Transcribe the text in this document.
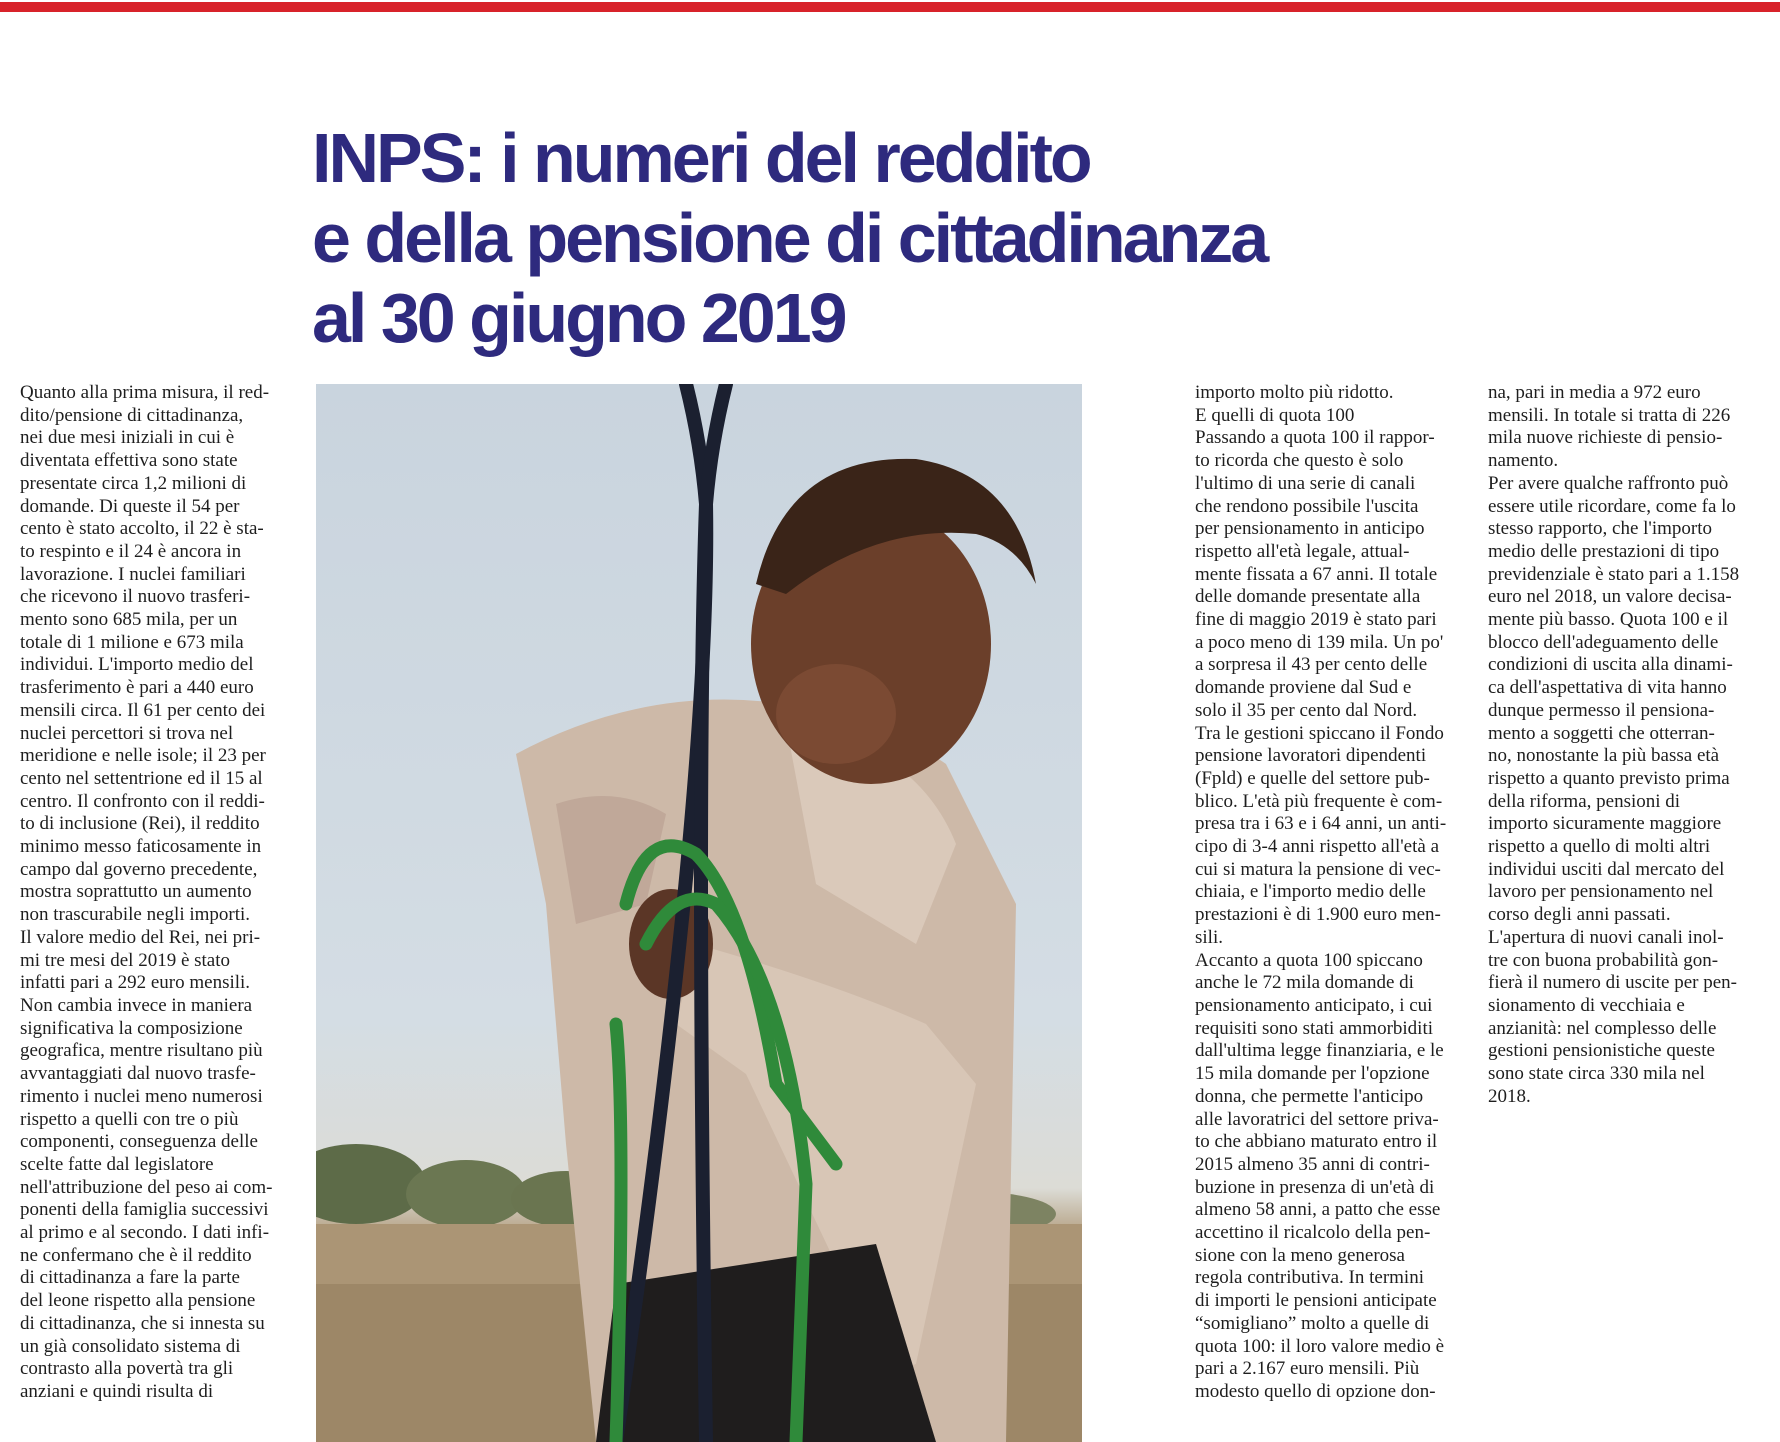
INPS: i numeri del reddito
e della pensione di cittadinanza
al 30 giugno 2019
Quanto alla prima misura, il red-
dito/pensione di cittadinanza,
nei due mesi iniziali in cui è
diventata effettiva sono state
presentate circa 1,2 milioni di
domande. Di queste il 54 per
cento è stato accolto, il 22 è sta-
to respinto e il 24 è ancora in
lavorazione. I nuclei familiari
che ricevono il nuovo trasferi-
mento sono 685 mila, per un
totale di 1 milione e 673 mila
individui. L'importo medio del
trasferimento è pari a 440 euro
mensili circa. Il 61 per cento dei
nuclei percettori si trova nel
meridione e nelle isole; il 23 per
cento nel settentrione ed il 15 al
centro. Il confronto con il reddi-
to di inclusione (Rei), il reddito
minimo messo faticosamente in
campo dal governo precedente,
mostra soprattutto un aumento
non trascurabile negli importi.
Il valore medio del Rei, nei pri-
mi tre mesi del 2019 è stato
infatti pari a 292 euro mensili.
Non cambia invece in maniera
significativa la composizione
geografica, mentre risultano più
avvantaggiati dal nuovo trasfe-
rimento i nuclei meno numerosi
rispetto a quelli con tre o più
componenti, conseguenza delle
scelte fatte dal legislatore
nell'attribuzione del peso ai com-
ponenti della famiglia successivi
al primo e al secondo. I dati infi-
ne confermano che è il reddito
di cittadinanza a fare la parte
del leone rispetto alla pensione
di cittadinanza, che si innesta su
un già consolidato sistema di
contrasto alla povertà tra gli
anziani e quindi risulta di
importo molto più ridotto.
E quelli di quota 100
Passando a quota 100 il rappor-
to ricorda che questo è solo
l'ultimo di una serie di canali
che rendono possibile l'uscita
per pensionamento in anticipo
rispetto all'età legale, attual-
mente fissata a 67 anni. Il totale
delle domande presentate alla
fine di maggio 2019 è stato pari
a poco meno di 139 mila. Un po'
a sorpresa il 43 per cento delle
domande proviene dal Sud e
solo il 35 per cento dal Nord.
Tra le gestioni spiccano il Fondo
pensione lavoratori dipendenti
(Fpld) e quelle del settore pub-
blico. L'età più frequente è com-
presa tra i 63 e i 64 anni, un anti-
cipo di 3-4 anni rispetto all'età a
cui si matura la pensione di vec-
chiaia, e l'importo medio delle
prestazioni è di 1.900 euro men-
sili.
Accanto a quota 100 spiccano
anche le 72 mila domande di
pensionamento anticipato, i cui
requisiti sono stati ammorbiditi
dall'ultima legge finanziaria, e le
15 mila domande per l'opzione
donna, che permette l'anticipo
alle lavoratrici del settore priva-
to che abbiano maturato entro il
2015 almeno 35 anni di contri-
buzione in presenza di un'età di
almeno 58 anni, a patto che esse
accettino il ricalcolo della pen-
sione con la meno generosa
regola contributiva. In termini
di importi le pensioni anticipate
“somigliano” molto a quelle di
quota 100: il loro valore medio è
pari a 2.167 euro mensili. Più
modesto quello di opzione don-
na, pari in media a 972 euro
mensili. In totale si tratta di 226
mila nuove richieste di pensio-
namento.
Per avere qualche raffronto può
essere utile ricordare, come fa lo
stesso rapporto, che l'importo
medio delle prestazioni di tipo
previdenziale è stato pari a 1.158
euro nel 2018, un valore decisa-
mente più basso. Quota 100 e il
blocco dell'adeguamento delle
condizioni di uscita alla dinami-
ca dell'aspettativa di vita hanno
dunque permesso il pensiona-
mento a soggetti che otterran-
no, nonostante la più bassa età
rispetto a quanto previsto prima
della riforma, pensioni di
importo sicuramente maggiore
rispetto a quello di molti altri
individui usciti dal mercato del
lavoro per pensionamento nel
corso degli anni passati.
L'apertura di nuovi canali inol-
tre con buona probabilità gon-
fierà il numero di uscite per pen-
sionamento di vecchiaia e
anzianità: nel complesso delle
gestioni pensionistiche queste
sono state circa 330 mila nel
2018.
